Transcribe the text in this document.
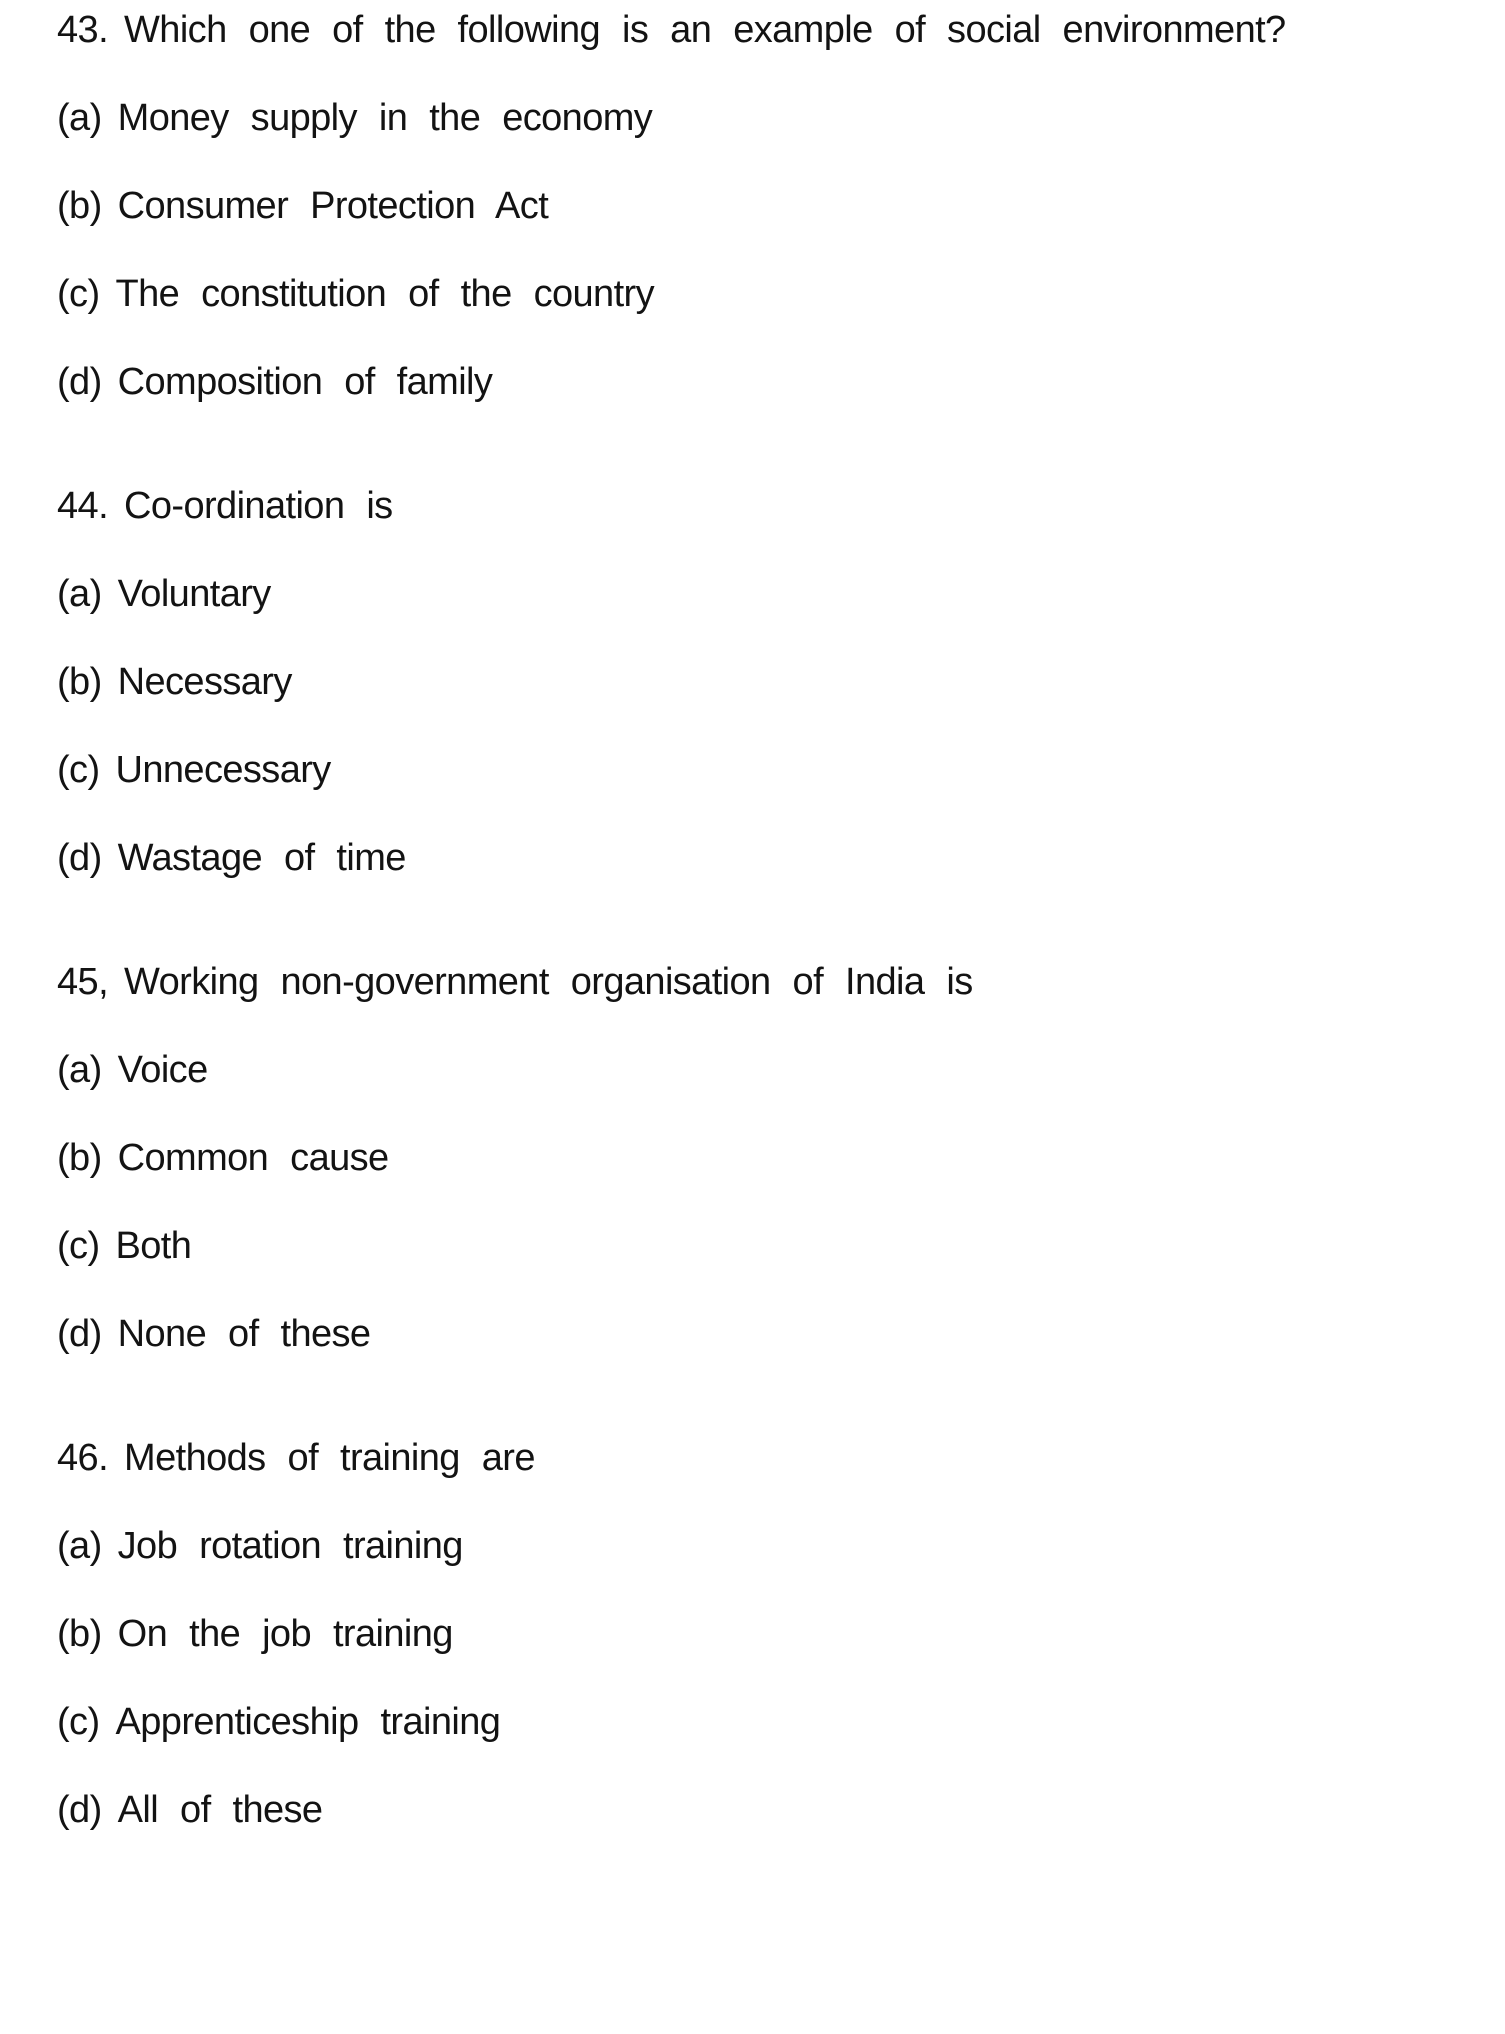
43. Which one of the following is an example of social environment?
(a) Money supply in the economy
(b) Consumer Protection Act
(c) The constitution of the country
(d) Composition of family
44. Co-ordination is
(a) Voluntary
(b) Necessary
(c) Unnecessary
(d) Wastage of time
45, Working non-government organisation of India is
(a) Voice
(b) Common cause
(c) Both
(d) None of these
46. Methods of training are
(a) Job rotation training
(b) On the job training
(c) Apprenticeship training
(d) All of these
